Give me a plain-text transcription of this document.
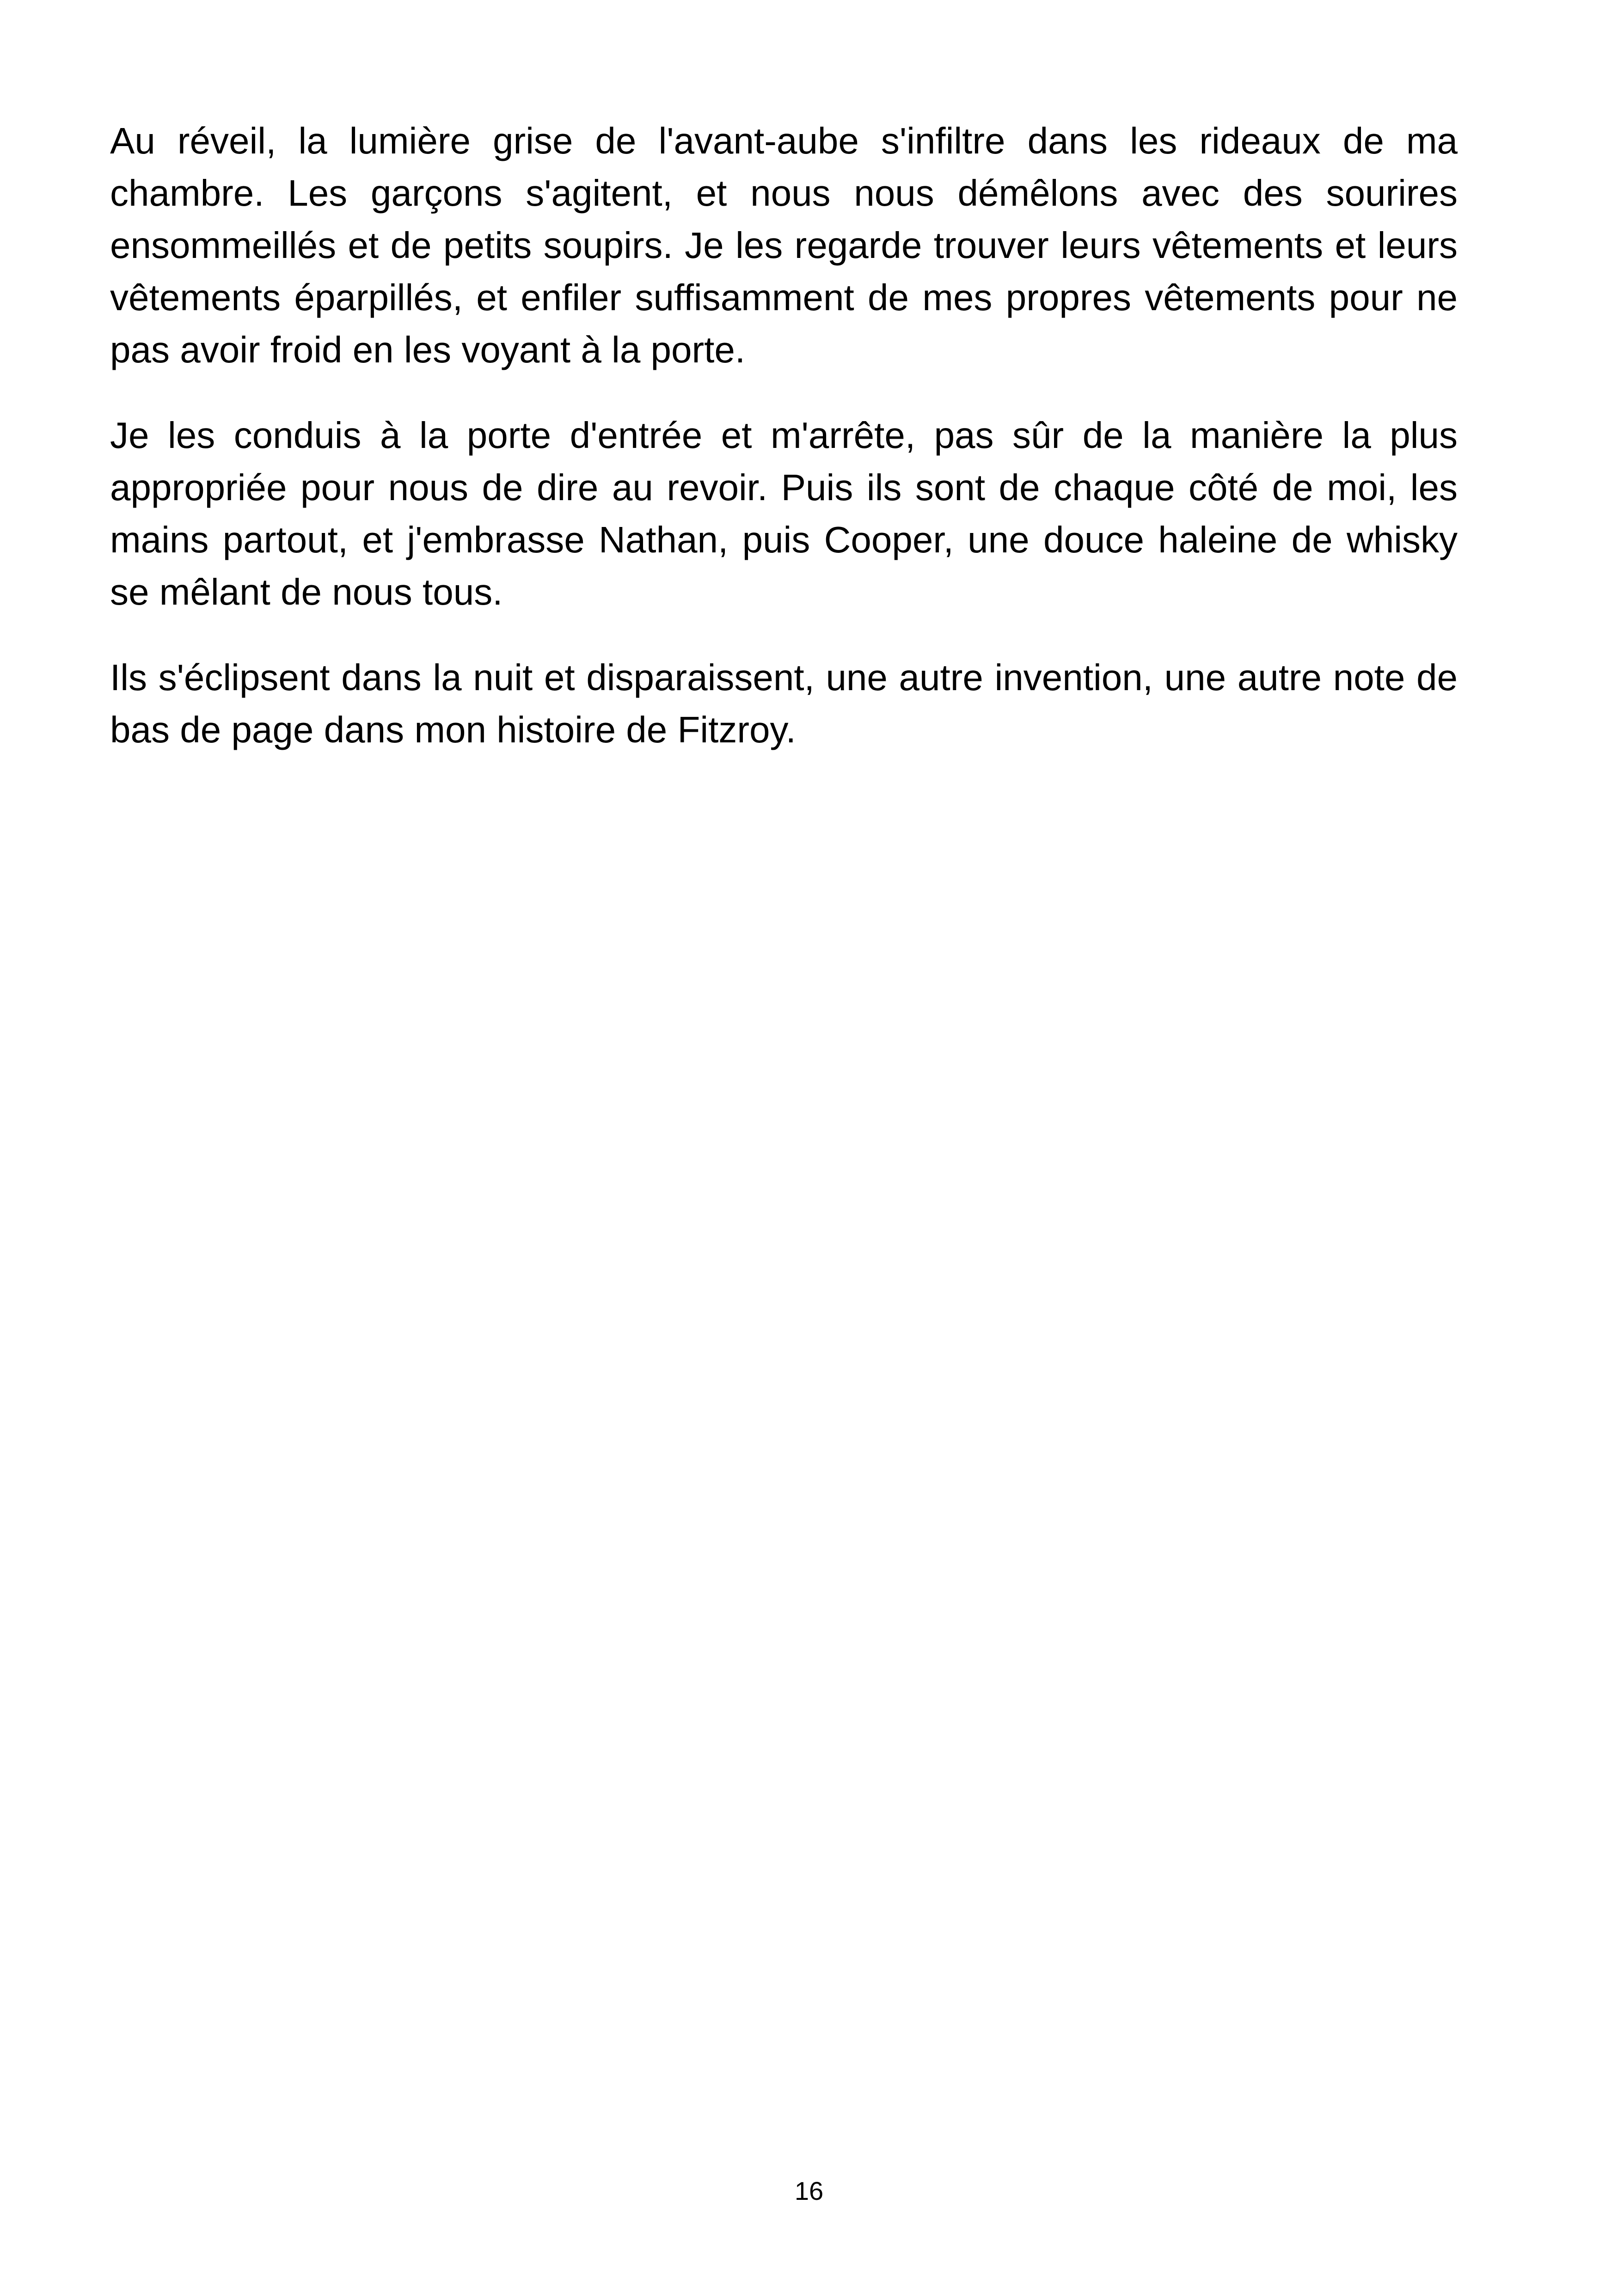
Au réveil, la lumière grise de l'avant-aube s'infiltre dans les rideaux de ma chambre. Les garçons s'agitent, et nous nous démêlons avec des sourires ensommeillés et de petits soupirs. Je les regarde trouver leurs vêtements et leurs vêtements éparpillés, et enfiler suffisamment de mes propres vêtements pour ne pas avoir froid en les voyant à la porte.

Je les conduis à la porte d'entrée et m'arrête, pas sûr de la manière la plus appropriée pour nous de dire au revoir. Puis ils sont de chaque côté de moi, les mains partout, et j'embrasse Nathan, puis Cooper, une douce haleine de whisky se mêlant de nous tous.

Ils s'éclipsent dans la nuit et disparaissent, une autre invention, une autre note de bas de page dans mon histoire de Fitzroy.

16
